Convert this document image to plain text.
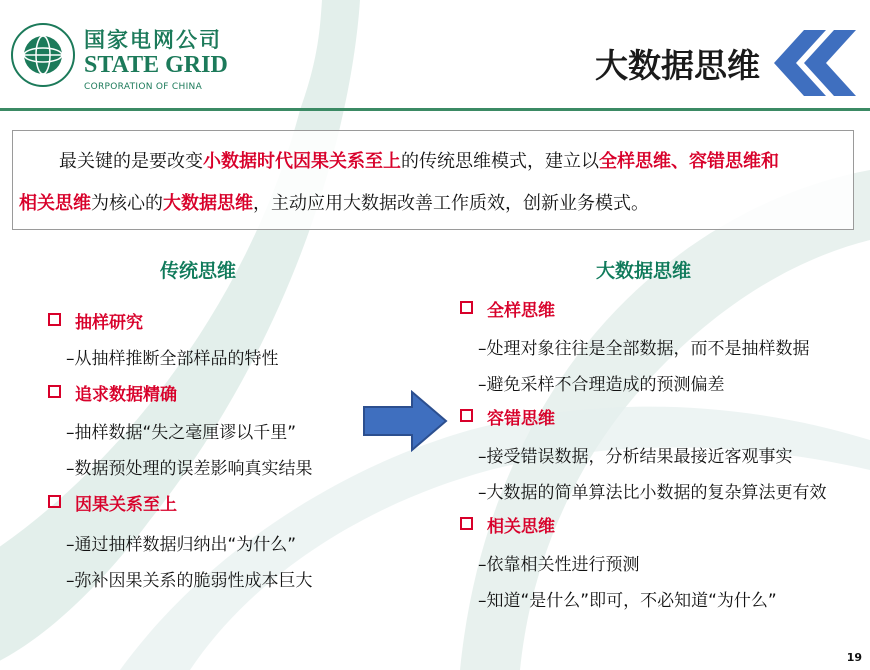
国家电网公司
STATE GRID
CORPORATION OF CHINA
大数据思维
最关键的是要改变小数据时代因果关系至上的传统思维模式，建立以全样思维、容错思维和
相关思维为核心的大数据思维，主动应用大数据改善工作质效，创新业务模式。
传统思维
抽样研究
–从抽样推断全部样品的特性
追求数据精确
–抽样数据“失之毫厘谬以千里”
–数据预处理的误差影响真实结果
因果关系至上
–通过抽样数据归纳出“为什么”
–弥补因果关系的脆弱性成本巨大
大数据思维
全样思维
–处理对象往往是全部数据，而不是抽样数据
–避免采样不合理造成的预测偏差
容错思维
–接受错误数据，分析结果最接近客观事实
–大数据的简单算法比小数据的复杂算法更有效
相关思维
–依靠相关性进行预测
–知道“是什么”即可，不必知道“为什么”
19
